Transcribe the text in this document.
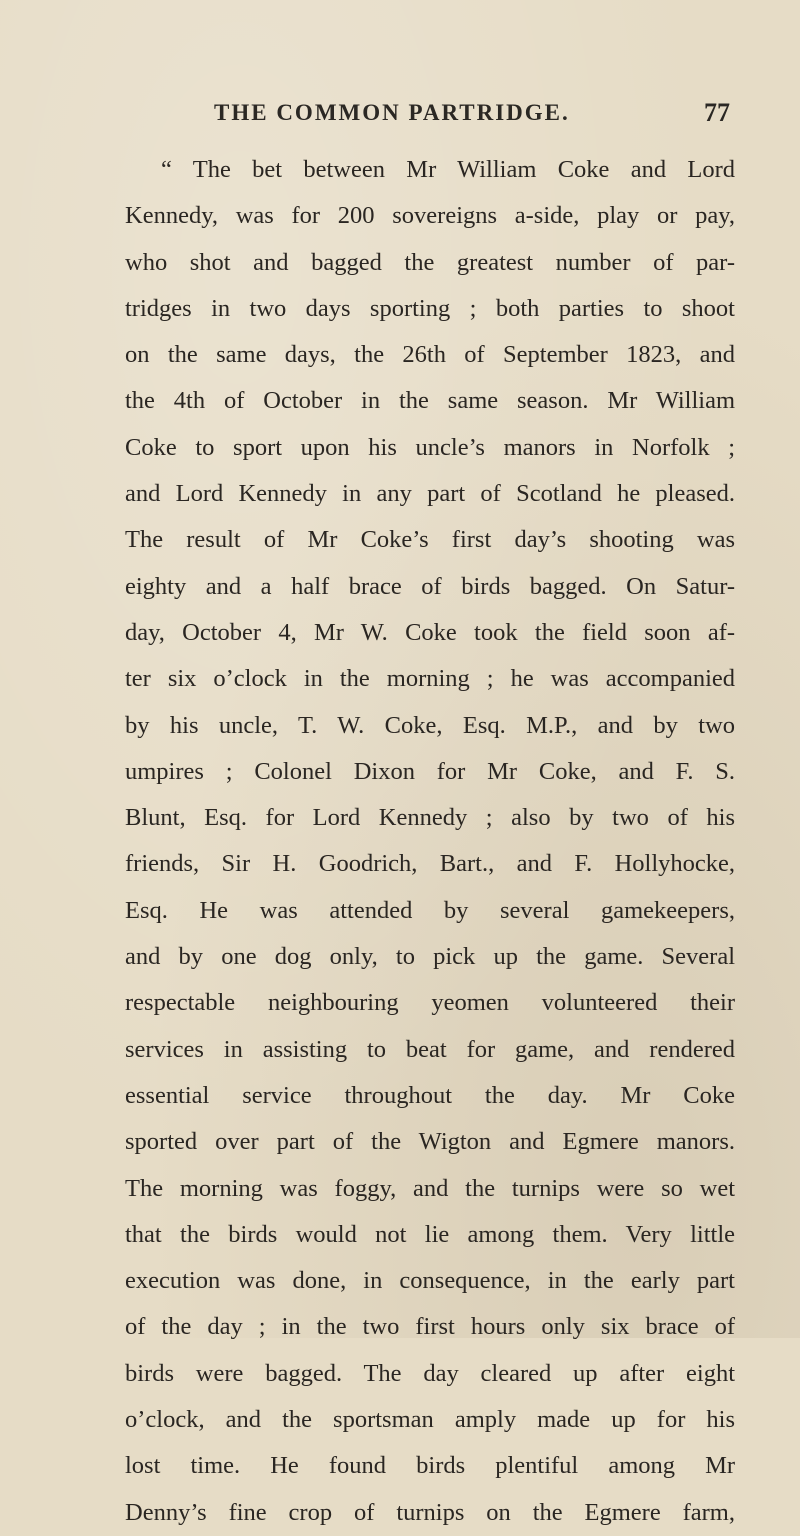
THE COMMON PARTRIDGE.	77
“ The bet between Mr William Coke and Lord
Kennedy, was for 200 sovereigns a-side, play or pay,
who shot and bagged the greatest number of par-
tridges in two days sporting ; both parties to shoot
on the same days, the 26th of September 1823, and
the 4th of October in the same season. Mr William
Coke to sport upon his uncle’s manors in Norfolk ;
and Lord Kennedy in any part of Scotland he pleased.
The result of Mr Coke’s first day’s shooting was
eighty and a half brace of birds bagged. On Satur-
day, October 4, Mr W. Coke took the field soon af-
ter six o’clock in the morning ; he was accompanied
by his uncle, T. W. Coke, Esq. M.P., and by two
umpires ; Colonel Dixon for Mr Coke, and F. S.
Blunt, Esq. for Lord Kennedy ; also by two of his
friends, Sir H. Goodrich, Bart., and F. Hollyhocke,
Esq. He was attended by several gamekeepers,
and by one dog only, to pick up the game. Several
respectable neighbouring yeomen volunteered their
services in assisting to beat for game, and rendered
essential service throughout the day. Mr Coke
sported over part of the Wigton and Egmere manors.
The morning was foggy, and the turnips were so wet
that the birds would not lie among them. Very little
execution was done, in consequence, in the early part
of the day ; in the two first hours only six brace of
birds were bagged. The day cleared up after eight
o’clock, and the sportsman amply made up for his
lost time. He found birds plentiful among Mr
Denny’s fine crop of turnips on the Egmere farm,
